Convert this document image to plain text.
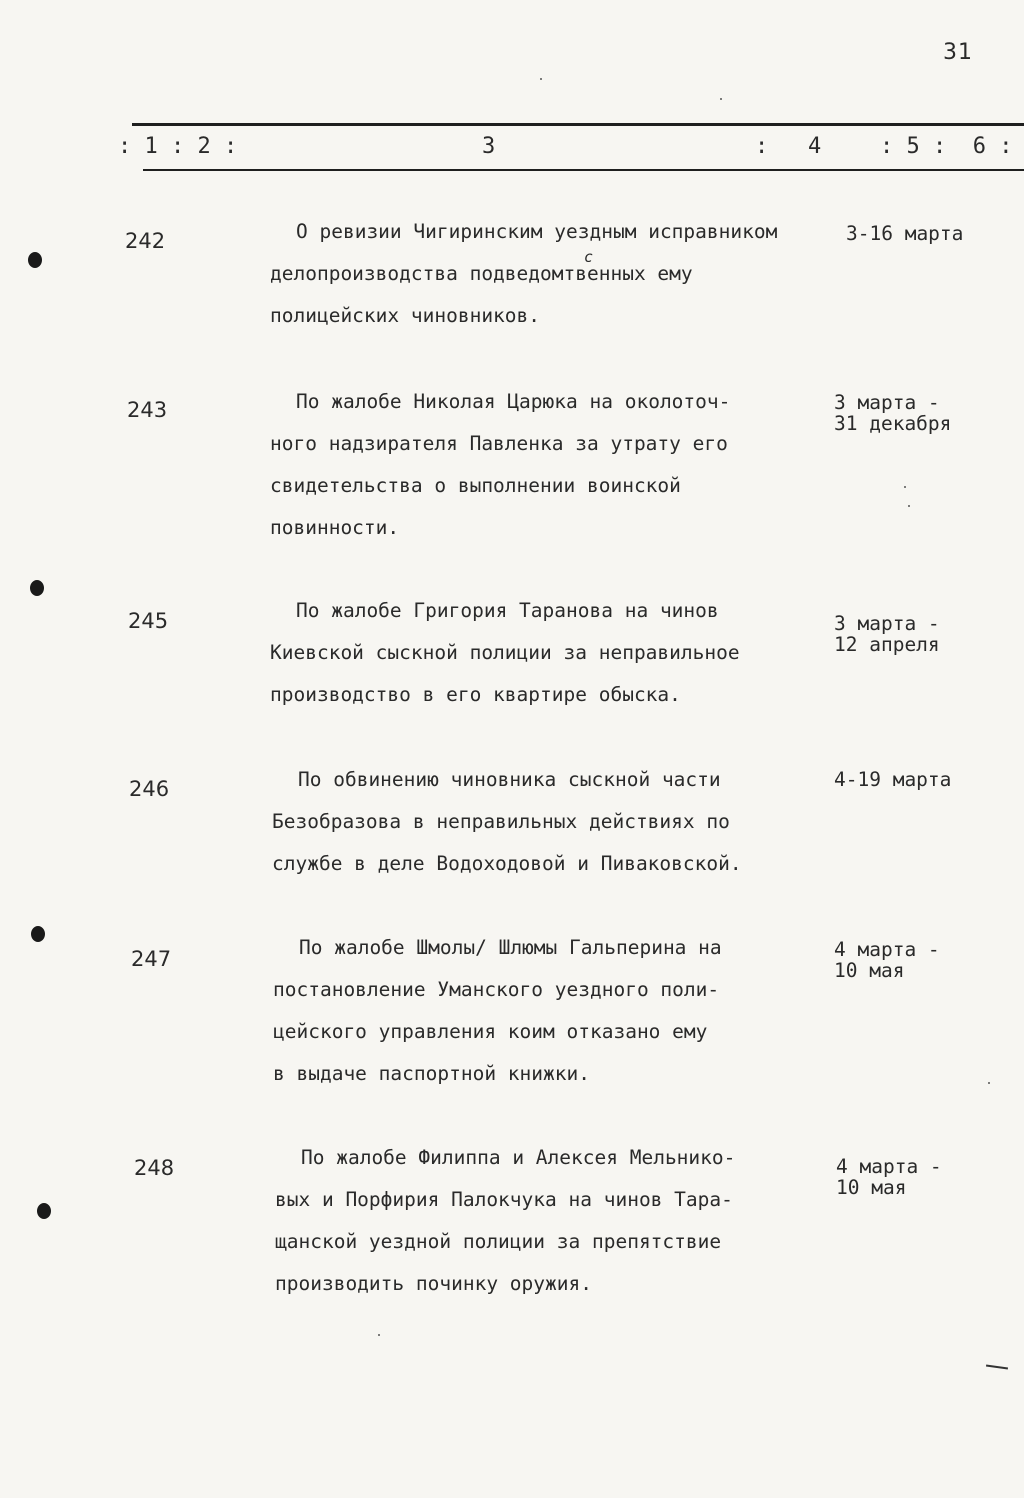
31
: 1 : 2 :	3	:   4	: 5 :  6 :
242	О ревизии Чигиринским уездным исправником
делопроизводства подведомтвенных ему
полицейских чиновников.
3-16 марта
с
243	По жалобе Николая Царюка на околоточ-
ного надзирателя Павленка за утрату его
свидетельства о выполнении воинской
повинности.
3 марта -
31 декабря
245	По жалобе Григория Тарановa на чинов
Киевской сыскной полиции за неправильное
производство в его квартире обыска.
3 марта -
12 апреля
246	По обвинению чиновника сыскной части
Безобразова в неправильных действиях по
службе в деле Водоходовой и Пиваковской.
4-19 марта
247	По жалобе Шмолы/ Шлюмы Гальперина на
постановление Уманского уездного поли-
цейского управления коим отказано ему
в выдаче паспортной книжки.
4 марта -
10 мая
248	По жалобе Филиппа и Алексея Мельнико-
вых и Порфирия Палокчука на чинов Тара-
щанской уездной полиции за препятствие
производить починку оружия.
4 марта -
10 мая
